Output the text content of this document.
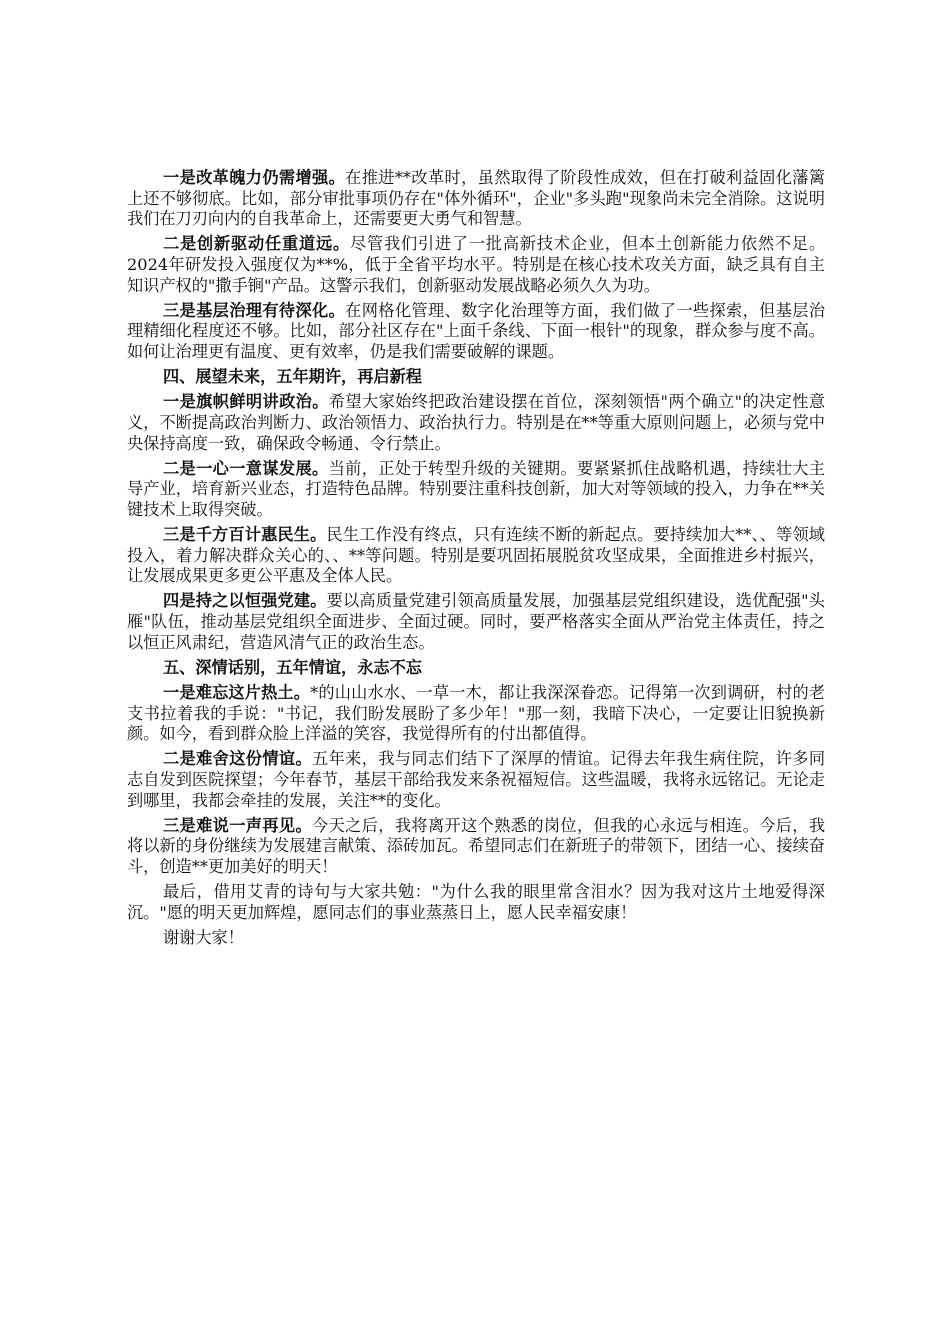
一是改革魄力仍需增强。在推进**改革时，虽然取得了阶段性成效，但在打破利益固化藩篱上还不够彻底。比如，部分审批事项仍存在"体外循环"，企业"多头跑"现象尚未完全消除。这说明我们在刀刃向内的自我革命上，还需要更大勇气和智慧。

二是创新驱动任重道远。尽管我们引进了一批高新技术企业，但本土创新能力依然不足。2024年研发投入强度仅为**%，低于全省平均水平。特别是在核心技术攻关方面，缺乏具有自主知识产权的"撒手锏"产品。这警示我们，创新驱动发展战略必须久久为功。

三是基层治理有待深化。在网格化管理、数字化治理等方面，我们做了一些探索，但基层治理精细化程度还不够。比如，部分社区存在"上面千条线、下面一根针"的现象，群众参与度不高。如何让治理更有温度、更有效率，仍是我们需要破解的课题。

四、展望未来，五年期许，再启新程

一是旗帜鲜明讲政治。希望大家始终把政治建设摆在首位，深刻领悟"两个确立"的决定性意义，不断提高政治判断力、政治领悟力、政治执行力。特别是在**等重大原则问题上，必须与党中央保持高度一致，确保政令畅通、令行禁止。

二是一心一意谋发展。当前，正处于转型升级的关键期。要紧紧抓住战略机遇，持续壮大主导产业，培育新兴业态，打造特色品牌。特别要注重科技创新，加大对等领域的投入，力争在**关键技术上取得突破。

三是千方百计惠民生。民生工作没有终点，只有连续不断的新起点。要持续加大**、、等领域投入，着力解决群众关心的、、**等问题。特别是要巩固拓展脱贫攻坚成果，全面推进乡村振兴，让发展成果更多更公平惠及全体人民。

四是持之以恒强党建。要以高质量党建引领高质量发展，加强基层党组织建设，选优配强"头雁"队伍，推动基层党组织全面进步、全面过硬。同时，要严格落实全面从严治党主体责任，持之以恒正风肃纪，营造风清气正的政治生态。

五、深情话别，五年情谊，永志不忘

一是难忘这片热土。*的山山水水、一草一木，都让我深深眷恋。记得第一次到调研，村的老支书拉着我的手说："书记，我们盼发展盼了多少年！"那一刻，我暗下决心，一定要让旧貌换新颜。如今，看到群众脸上洋溢的笑容，我觉得所有的付出都值得。

二是难舍这份情谊。五年来，我与同志们结下了深厚的情谊。记得去年我生病住院，许多同志自发到医院探望；今年春节，基层干部给我发来条祝福短信。这些温暖，我将永远铭记。无论走到哪里，我都会牵挂的发展，关注**的变化。

三是难说一声再见。今天之后，我将离开这个熟悉的岗位，但我的心永远与相连。今后，我将以新的身份继续为发展建言献策、添砖加瓦。希望同志们在新班子的带领下，团结一心、接续奋斗，创造**更加美好的明天！

最后，借用艾青的诗句与大家共勉："为什么我的眼里常含泪水？因为我对这片土地爱得深沉。"愿的明天更加辉煌，愿同志们的事业蒸蒸日上，愿人民幸福安康！

谢谢大家！
